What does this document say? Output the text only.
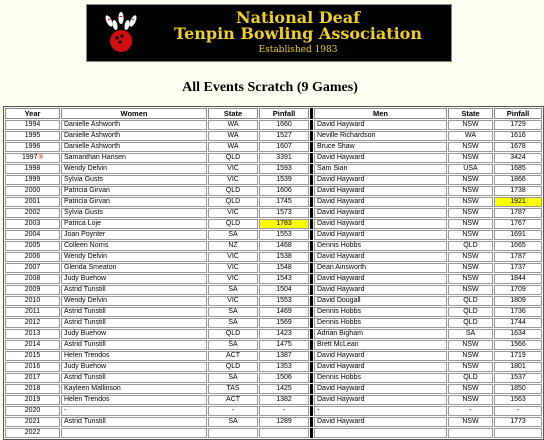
National Deaf
Tenpin Bowling Association
Established 1983
All Events Scratch (9 Games)
Year	Women	State	Pinfall		Men	State	Pinfall
1994	Danielle Ashworth	WA	1660		David Hayward	NSW	1729
1995	Danielle Ashworth	WA	1527		Neville Richardson	WA	1616
1996	Danielle Ashworth	WA	1607		Bruce Shaw	NSW	1678
1997®	Samanthan Hansen	QLD	3391		David Hayward	NSW	3424
1998	Wendy Delvin	VIC	1593		Sam Sian	USA	1685
1999	Sylvia Gusts	VIC	1539		David Hayward	NSW	1866
2000	Patricia Girvan	QLD	1606		David Hayward	NSW	1738
2001	Patricia Girvan	QLD	1745		David Hayward	NSW	1921
2002	Sylvia Gusts	VIC	1573		David Hayward	NSW	1787
2003	Patrica Loje	QLD	1783		David Hayward	NSW	1767
2004	Joan Poynter	SA	1553		David Hayward	NSW	1691
2005	Colleen Norris	NZ	1468		Dennis Hobbs	QLD	1665
2006	Wendy Delvin	VIC	1538		David Hayward	NSW	1787
2007	Glenda Smeaton	VIC	1548		Dean Ainsworth	NSW	1737
2008	Judy Buehow	VIC	1543		David Hayward	NSW	1844
2009	Astrid Tunstill	SA	1504		David Hayward	NSW	1709
2010	Wendy Delvin	VIC	1553		David Dougall	QLD	1809
2011	Astrid Tunstill	SA	1469		Dennis Hobbs	QLD	1736
2012	Astrid Tunstill	SA	1569		Dennis Hobbs	QLD	1744
2013	Judy Buehow	QLD	1423		Adrian Bigham	SA	1634
2014	Astrid Tunstill	SA	1475		Brett McLean	NSW	1566
2015	Helen Trendos	ACT	1387		David Hayward	NSW	1719
2016	Judy Buehow	QLD	1353		David Hayward	NSW	1801
2017	Astrid Tunstill	SA	1506		Dennis Hobbs	QLD	1537
2018	Kayleen Mallinson	TAS	1425		David Hayward	NSW	1850
2019	Helen Trendos	ACT	1382		David Hayward	NSW	1563
2020	-	-	-		-	-	-
2021	Astrid Tunstill	SA	1289		David Hayward	NSW	1773
2022							
